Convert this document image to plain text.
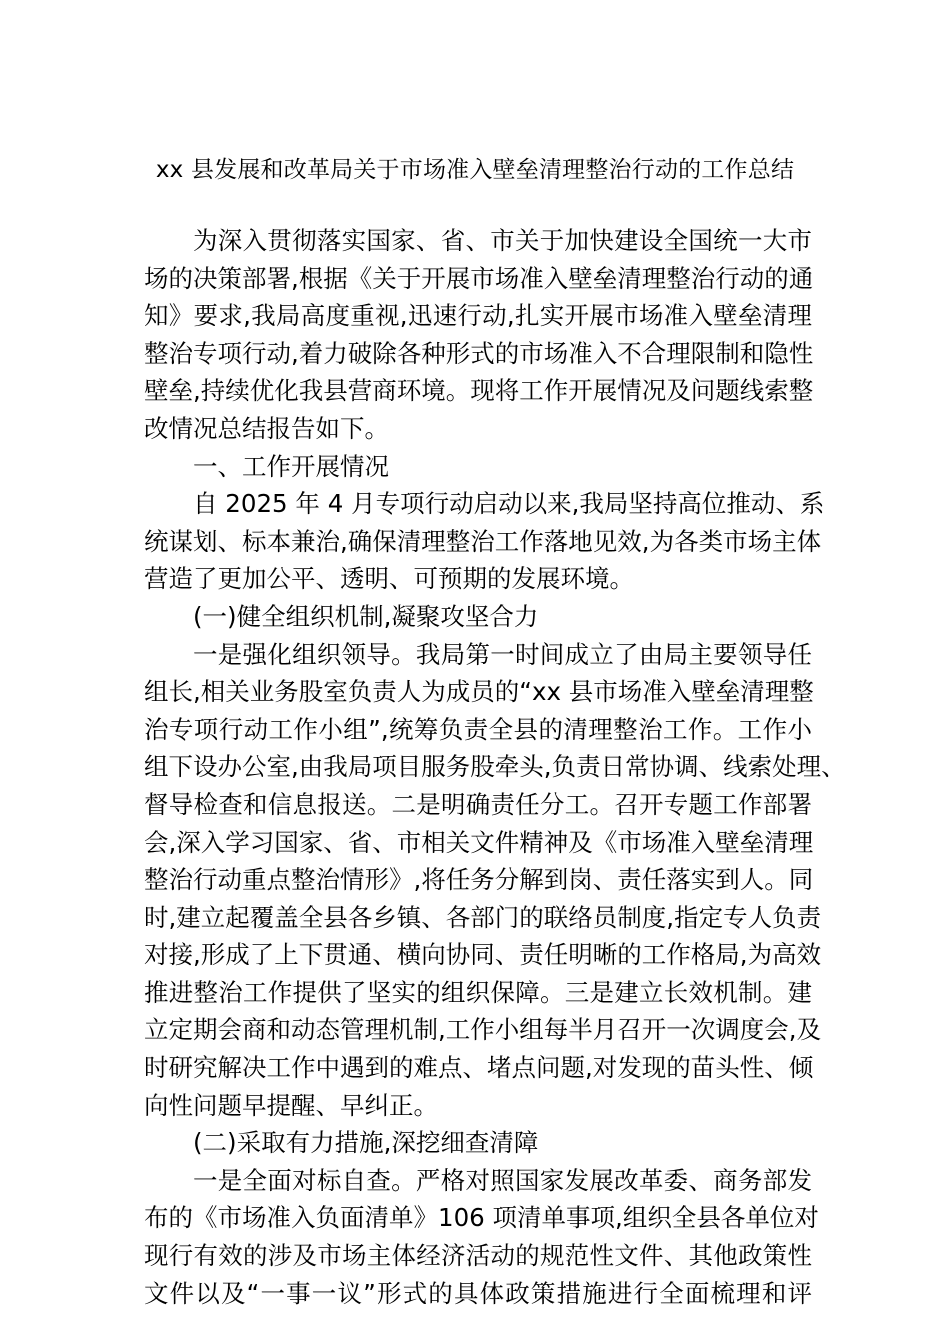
xx 县发展和改革局关于市场准入壁垒清理整治行动的工作总结
为深入贯彻落实国家、省、市关于加快建设全国统一大市
场的决策部署,根据《关于开展市场准入壁垒清理整治行动的通
知》要求,我局高度重视,迅速行动,扎实开展市场准入壁垒清理
整治专项行动,着力破除各种形式的市场准入不合理限制和隐性
壁垒,持续优化我县营商环境。现将工作开展情况及问题线索整
改情况总结报告如下。
一、工作开展情况
自 2025 年 4 月专项行动启动以来,我局坚持高位推动、系
统谋划、标本兼治,确保清理整治工作落地见效,为各类市场主体
营造了更加公平、透明、可预期的发展环境。
(一)健全组织机制,凝聚攻坚合力
一是强化组织领导。我局第一时间成立了由局主要领导任
组长,相关业务股室负责人为成员的“xx 县市场准入壁垒清理整
治专项行动工作小组”,统筹负责全县的清理整治工作。工作小
组下设办公室,由我局项目服务股牵头,负责日常协调、线索处理、
督导检查和信息报送。二是明确责任分工。召开专题工作部署
会,深入学习国家、省、市相关文件精神及《市场准入壁垒清理
整治行动重点整治情形》,将任务分解到岗、责任落实到人。同
时,建立起覆盖全县各乡镇、各部门的联络员制度,指定专人负责
对接,形成了上下贯通、横向协同、责任明晰的工作格局,为高效
推进整治工作提供了坚实的组织保障。三是建立长效机制。建
立定期会商和动态管理机制,工作小组每半月召开一次调度会,及
时研究解决工作中遇到的难点、堵点问题,对发现的苗头性、倾
向性问题早提醒、早纠正。
(二)采取有力措施,深挖细查清障
一是全面对标自查。严格对照国家发展改革委、商务部发
布的《市场准入负面清单》106 项清单事项,组织全县各单位对
现行有效的涉及市场主体经济活动的规范性文件、其他政策性
文件以及“一事一议”形式的具体政策措施进行全面梳理和评
